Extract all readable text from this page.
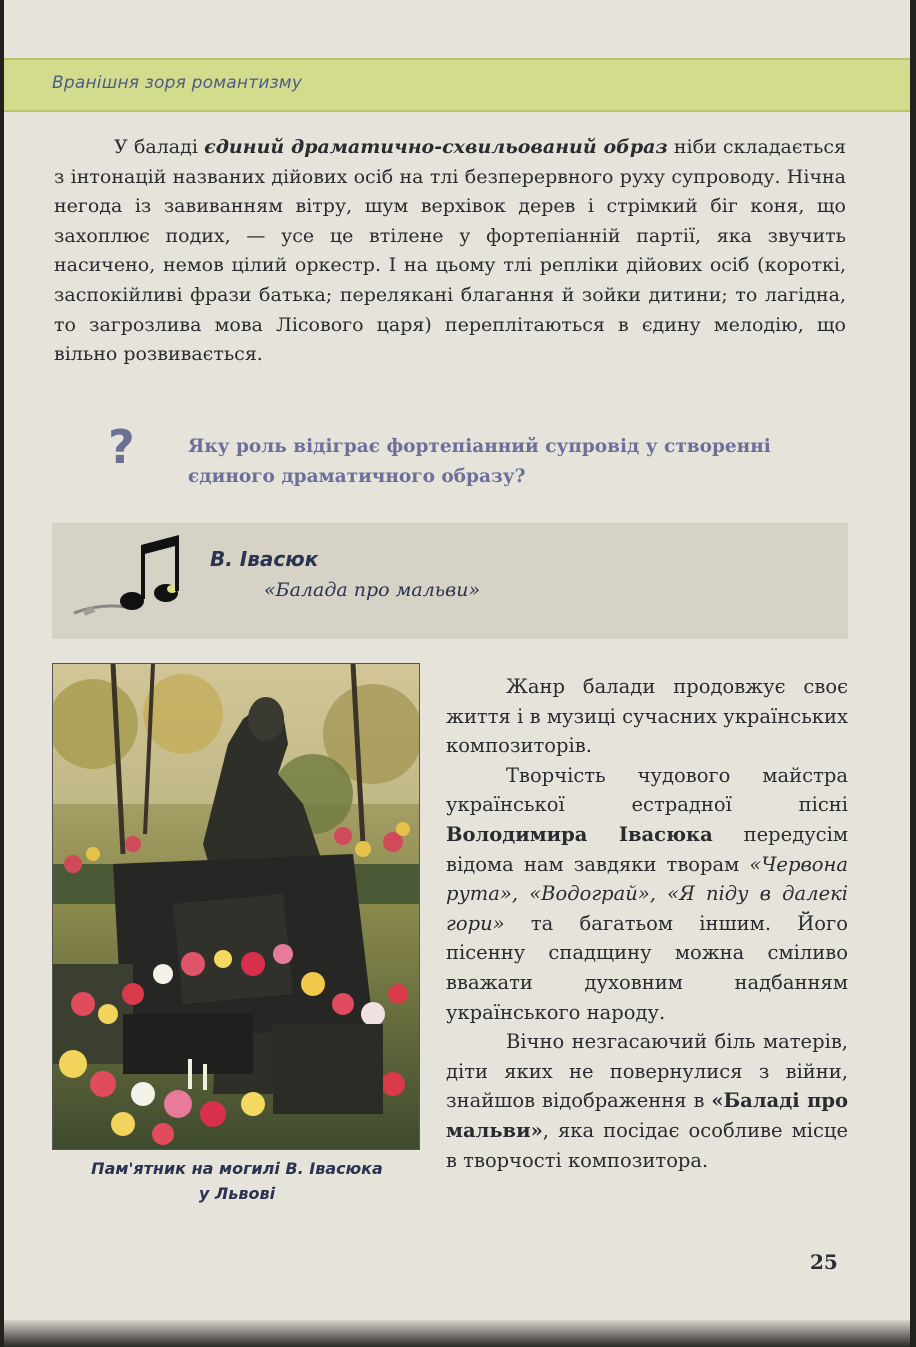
Вранішня зоря романтизму
У баладі єдиний драматично-схвильований образ ніби складається з інтонацій названих дійових осіб на тлі безперервного руху супроводу. Нічна негода із завиванням вітру, шум верхівок дерев і стрімкий біг коня, що захоплює подих, — усе це втілене у фортепіанній партії, яка звучить насичено, немов цілий оркестр. І на цьому тлі репліки дійових осіб (короткі, заспокійливі фрази батька; перелякані благання й зойки дитини; то лагідна, то загрозлива мова Лісового царя) переплітаються в єдину мелодію, що вільно розвивається.
?	Яку роль відіграє фортепіанний супровід у створенні єдиного драматичного образу?
В. Івасюк
«Балада про мальви»
Пам'ятник на могилі В. Івасюка
у Львові

Жанр балади продовжує своє життя і в музиці сучасних українських композиторів.

Творчість чудового майстра української естрадної пісні Володимира Івасюка передусім відома нам завдяки творам «Червона рута», «Водограй», «Я піду в далекі гори» та багатьом іншим. Його пісенну спадщину можна сміливо вважати духовним надбанням українського народу.

Вічно незгасаючий біль матерів, діти яких не повернулися з війни, знайшов відображення в «Баладі про мальви», яка посідає особливе місце в творчості композитора.

25
